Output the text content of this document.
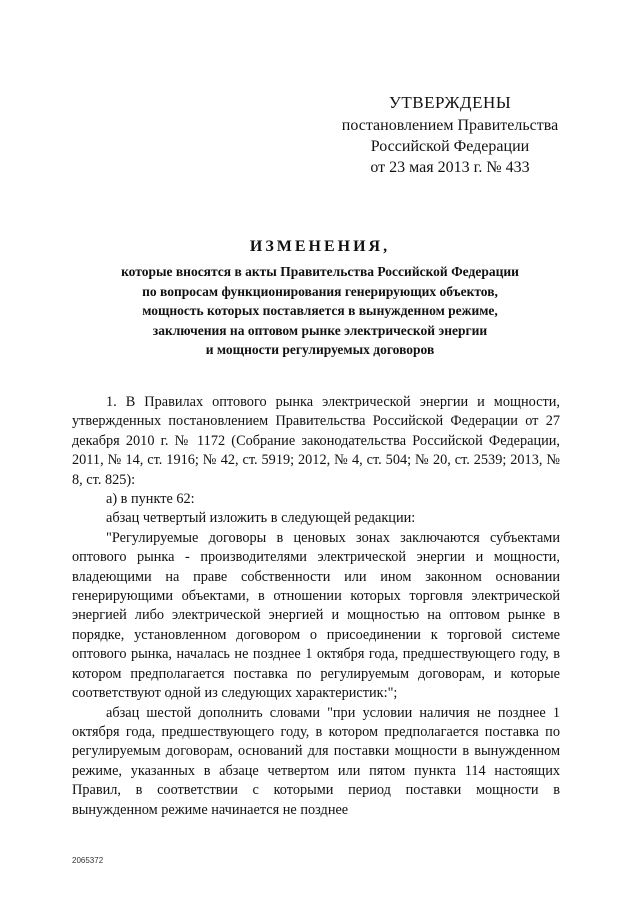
УТВЕРЖДЕНЫ
постановлением Правительства
Российской Федерации
от 23 мая 2013 г. № 433
ИЗМЕНЕНИЯ,
которые вносятся в акты Правительства Российской Федерации
по вопросам функционирования генерирующих объектов,
мощность которых поставляется в вынужденном режиме,
заключения на оптовом рынке электрической энергии
и мощности регулируемых договоров

1. В Правилах оптового рынка электрической энергии и мощности, утвержденных постановлением Правительства Российской Федерации от 27 декабря 2010 г. № 1172 (Собрание законодательства Российской Федерации, 2011, № 14, ст. 1916; № 42, ст. 5919; 2012, № 4, ст. 504; № 20, ст. 2539; 2013, № 8, ст. 825):

а) в пункте 62:

абзац четвертый изложить в следующей редакции:

"Регулируемые договоры в ценовых зонах заключаются субъектами оптового рынка - производителями электрической энергии и мощности, владеющими на праве собственности или ином законном основании генерирующими объектами, в отношении которых торговля электрической энергией либо электрической энергией и мощностью на оптовом рынке в порядке, установленном договором о присоединении к торговой системе оптового рынка, началась не позднее 1 октября года, предшествующего году, в котором предполагается поставка по регулируемым договорам, и которые соответствуют одной из следующих характеристик:";

абзац шестой дополнить словами "при условии наличия не позднее 1 октября года, предшествующего году, в котором предполагается поставка по регулируемым договорам, оснований для поставки мощности в вынужденном режиме, указанных в абзаце четвертом или пятом пункта 114 настоящих Правил, в соответствии с которыми период поставки мощности в вынужденном режиме начинается не позднее

2065372
